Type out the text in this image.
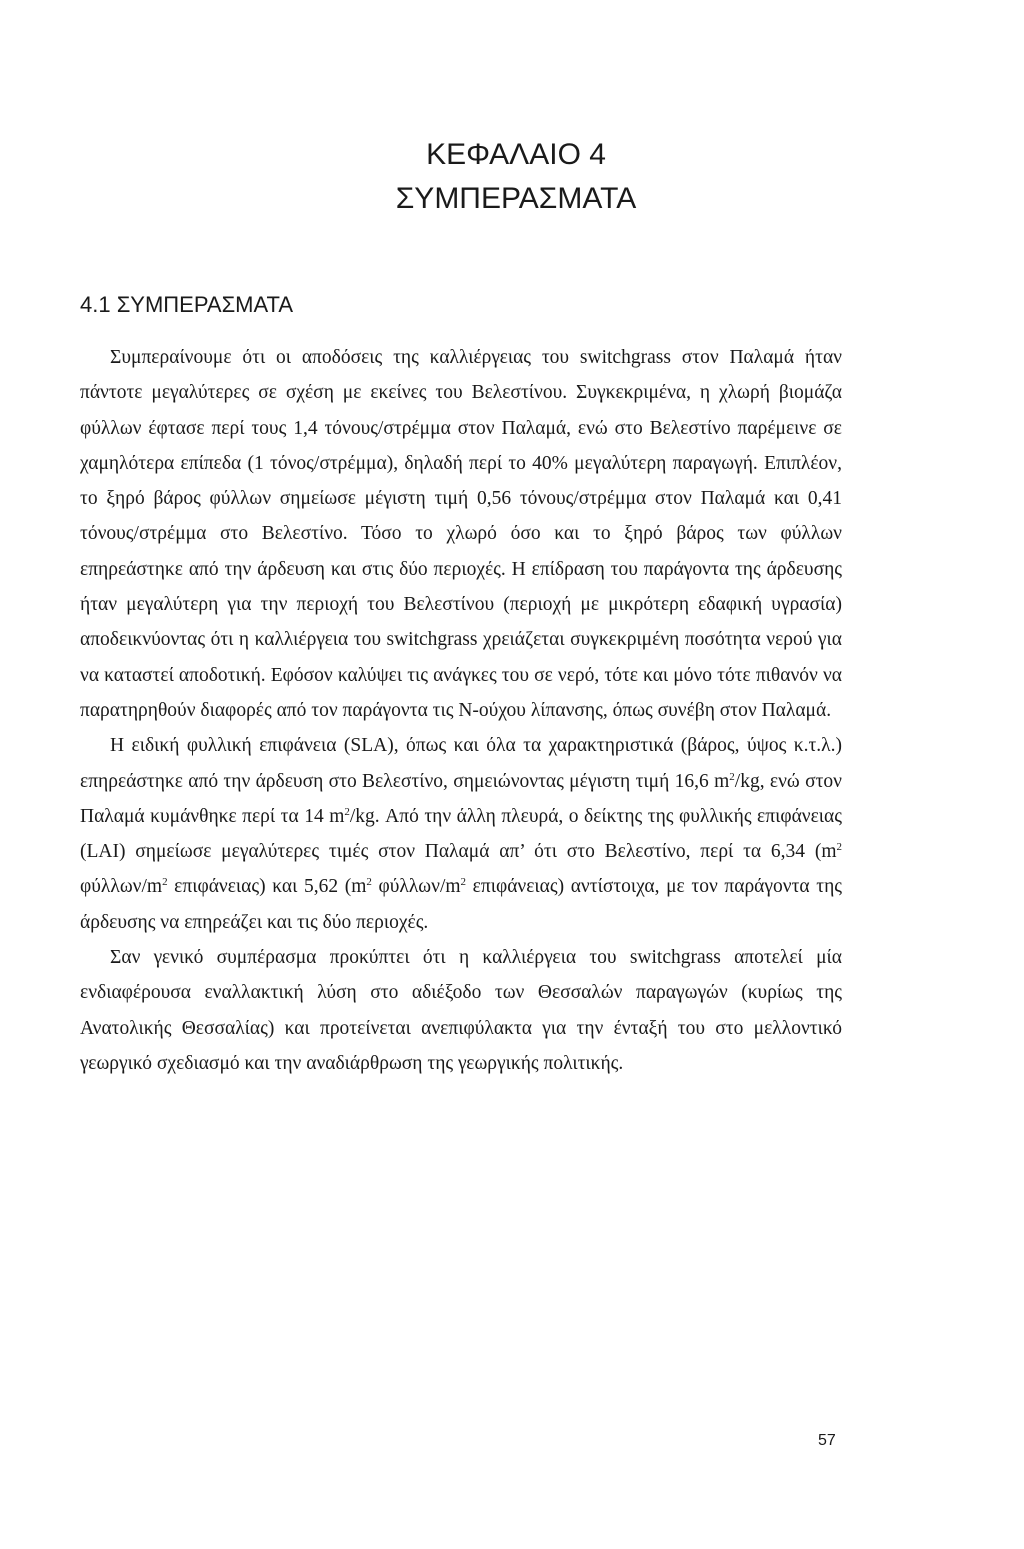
ΚΕΦΑΛΑΙΟ 4
ΣΥΜΠΕΡΑΣΜΑΤΑ
4.1 ΣΥΜΠΕΡΑΣΜΑΤΑ

Συμπεραίνουμε ότι οι αποδόσεις της καλλιέργειας του switchgrass στον Παλαμά ήταν πάντοτε μεγαλύτερες σε σχέση με εκείνες του Βελεστίνου. Συγκεκριμένα, η χλωρή βιομάζα φύλλων έφτασε περί τους 1,4 τόνους/στρέμμα στον Παλαμά, ενώ στο Βελεστίνο παρέμεινε σε χαμηλότερα επίπεδα (1 τόνος/στρέμμα), δηλαδή περί το 40% μεγαλύτερη παραγωγή. Επιπλέον, το ξηρό βάρος φύλλων σημείωσε μέγιστη τιμή 0,56 τόνους/στρέμμα στον Παλαμά και 0,41 τόνους/στρέμμα στο Βελεστίνο. Τόσο το χλωρό όσο και το ξηρό βάρος των φύλλων επηρεάστηκε από την άρδευση και στις δύο περιοχές. Η επίδραση του παράγοντα της άρδευσης ήταν μεγαλύτερη για την περιοχή του Βελεστίνου (περιοχή με μικρότερη εδαφική υγρασία) αποδεικνύοντας ότι η καλλιέργεια του switchgrass χρειάζεται συγκεκριμένη ποσότητα νερού για να καταστεί αποδοτική. Εφόσον καλύψει τις ανάγκες του σε νερό, τότε και μόνο τότε πιθανόν να παρατηρηθούν διαφορές από τον παράγοντα τις Ν-ούχου λίπανσης, όπως συνέβη στον Παλαμά.

Η ειδική φυλλική επιφάνεια (SLA), όπως και όλα τα χαρακτηριστικά (βάρος, ύψος κ.τ.λ.) επηρεάστηκε από την άρδευση στο Βελεστίνο, σημειώνοντας μέγιστη τιμή 16,6 $m^2/kg$, ενώ στον Παλαμά κυμάνθηκε περί τα 14 $m^2/kg$. Από την άλλη πλευρά, ο δείκτης της φυλλικής επιφάνειας (LAI) σημείωσε μεγαλύτερες τιμές στον Παλαμά απ’ ότι στο Βελεστίνο, περί τα 6,34 ($m^2$ φύλλων/$m^2$ επιφάνειας) και 5,62 ($m^2$ φύλλων/$m^2$ επιφάνειας) αντίστοιχα, με τον παράγοντα της άρδευσης να επηρεάζει και τις δύο περιοχές.

Σαν γενικό συμπέρασμα προκύπτει ότι η καλλιέργεια του switchgrass αποτελεί μία ενδιαφέρουσα εναλλακτική λύση στο αδιέξοδο των Θεσσαλών παραγωγών (κυρίως της Ανατολικής Θεσσαλίας) και προτείνεται ανεπιφύλακτα για την ένταξή του στο μελλοντικό γεωργικό σχεδιασμό και την αναδιάρθρωση της γεωργικής πολιτικής.

57
